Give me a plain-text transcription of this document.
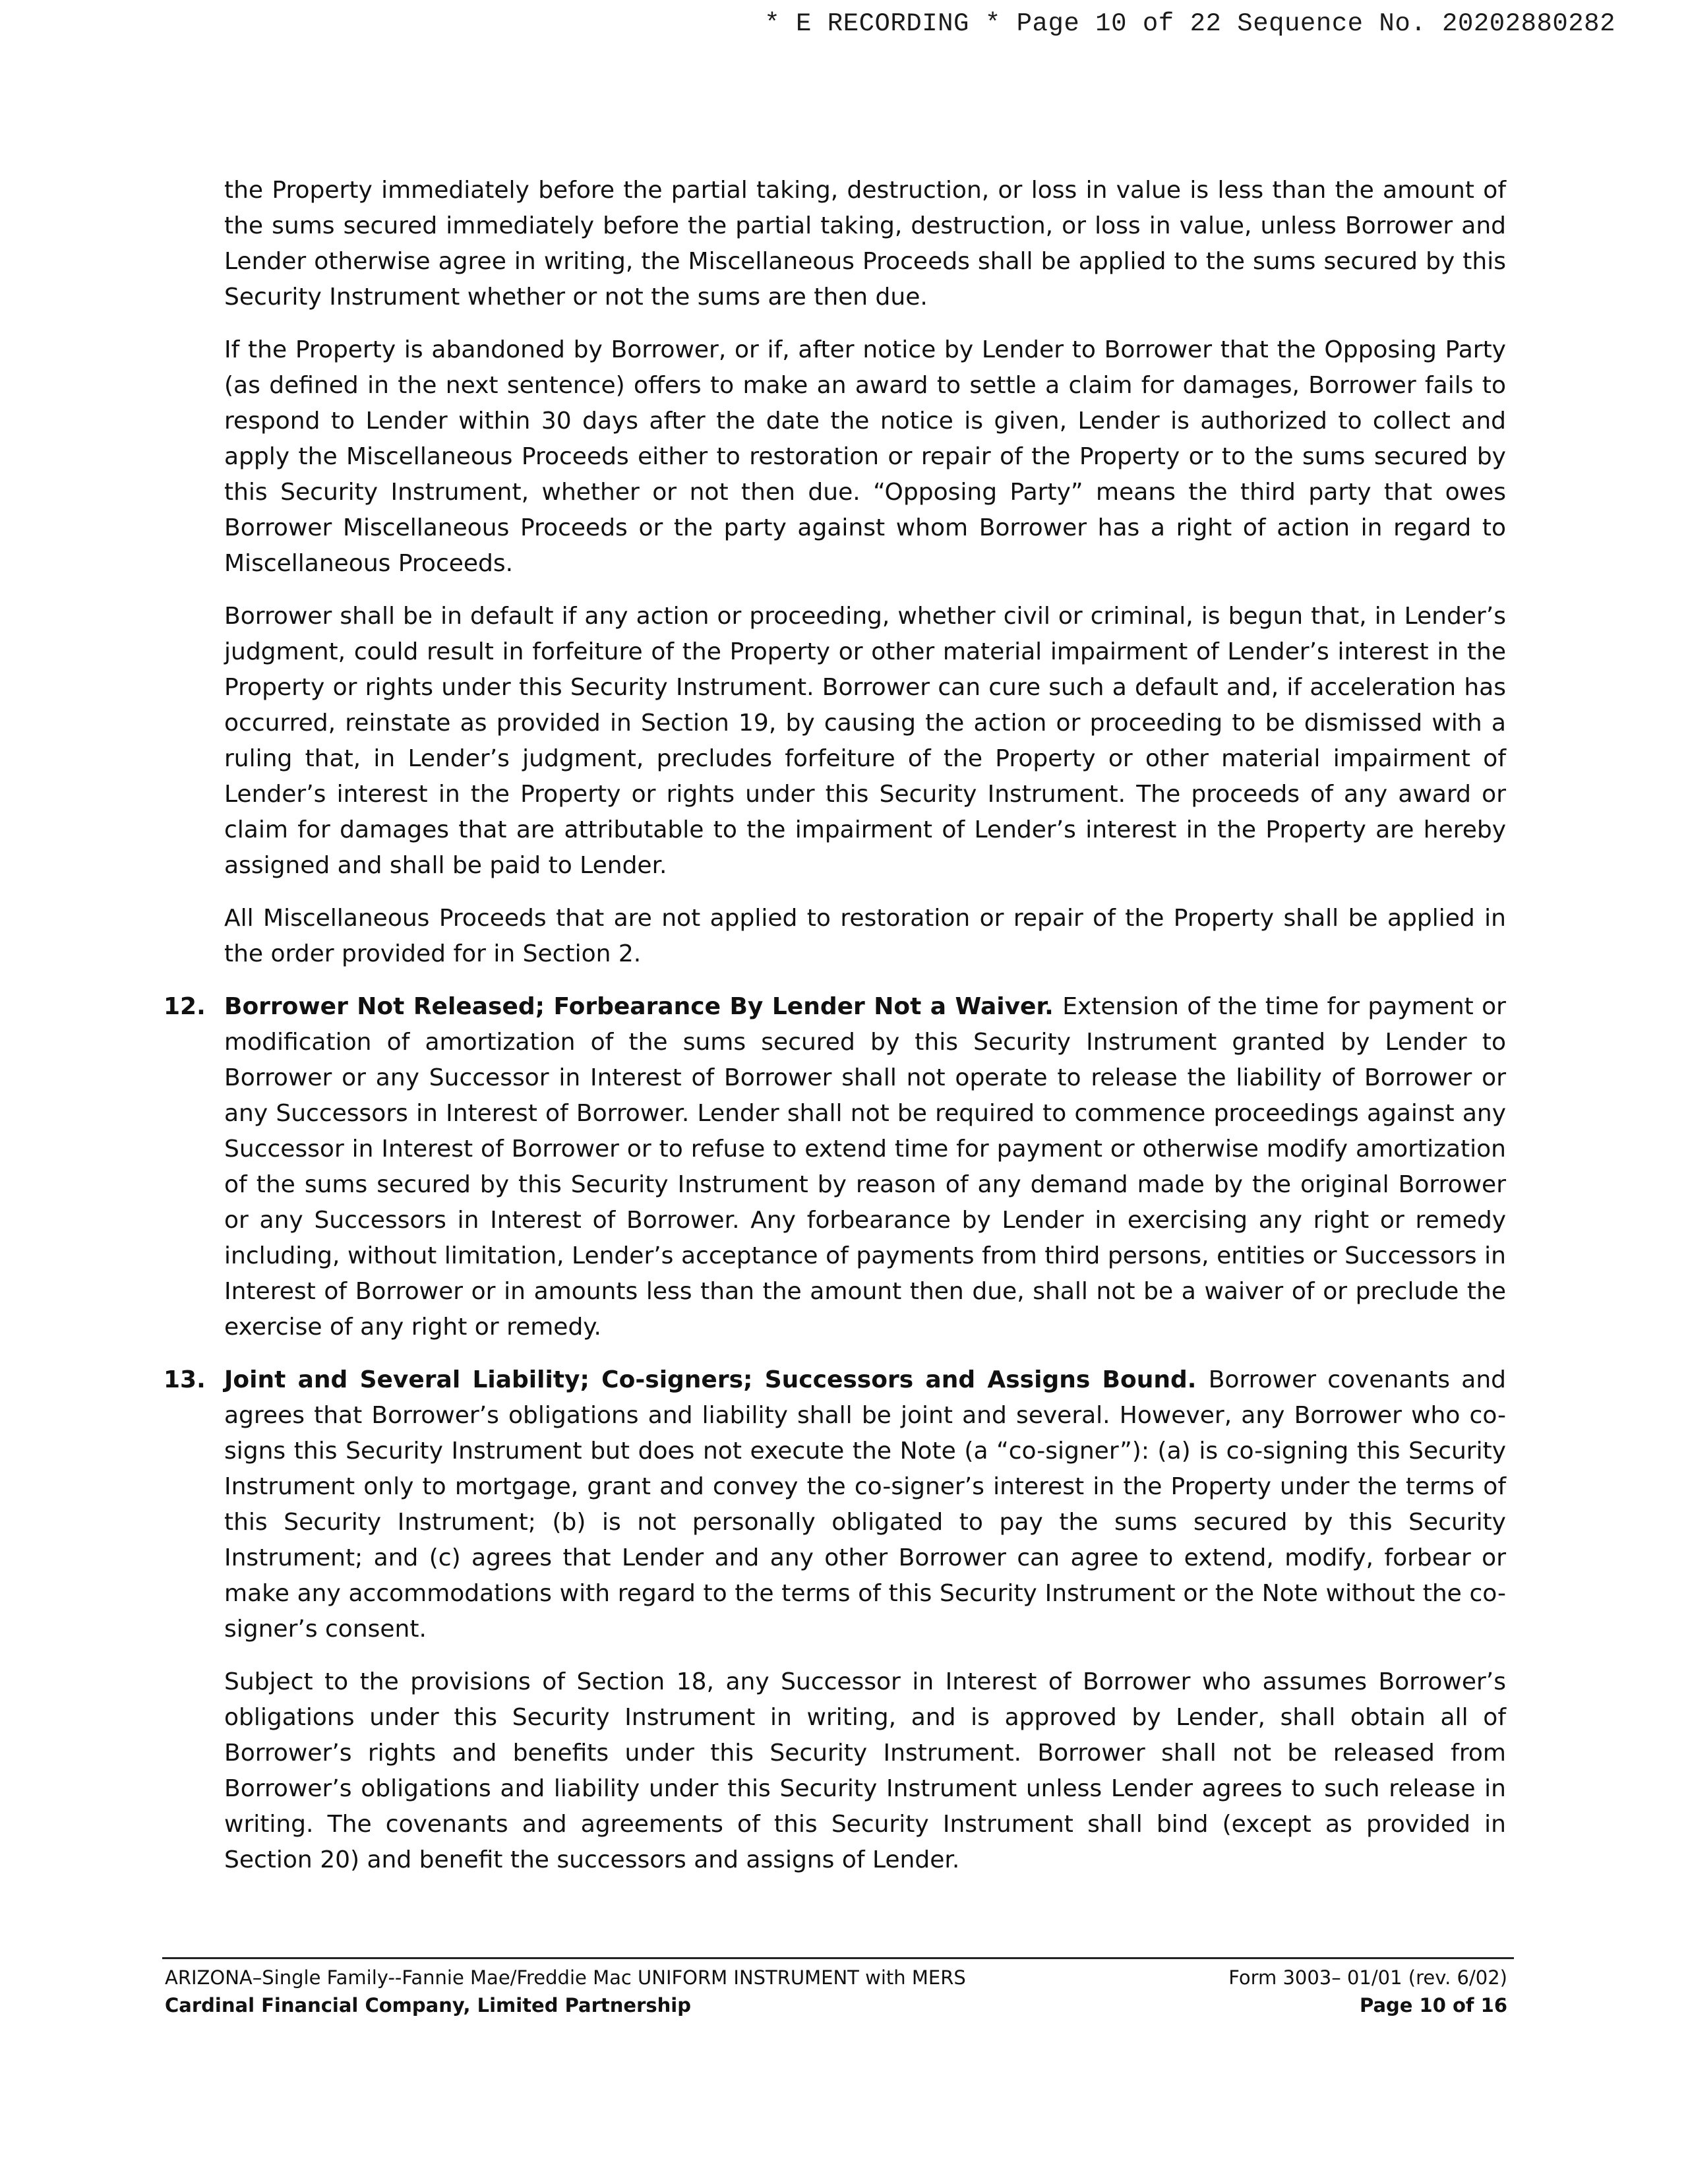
* E RECORDING * Page 10 of 22 Sequence No. 20202880282

the Property immediately before the partial taking, destruction, or loss in value is less than the amount of the sums secured immediately before the partial taking, destruction, or loss in value, unless Borrower and Lender otherwise agree in writing, the Miscellaneous Proceeds shall be applied to the sums secured by this Security Instrument whether or not the sums are then due.

If the Property is abandoned by Borrower, or if, after notice by Lender to Borrower that the Opposing Party (as defined in the next sentence) offers to make an award to settle a claim for damages, Borrower fails to respond to Lender within 30 days after the date the notice is given, Lender is authorized to collect and apply the Miscellaneous Proceeds either to restoration or repair of the Property or to the sums secured by this Security Instrument, whether or not then due. “Opposing Party” means the third party that owes Borrower Miscellaneous Proceeds or the party against whom Borrower has a right of action in regard to Miscellaneous Proceeds.

Borrower shall be in default if any action or proceeding, whether civil or criminal, is begun that, in Lender’s judgment, could result in forfeiture of the Property or other material impairment of Lender’s interest in the Property or rights under this Security Instrument. Borrower can cure such a default and, if acceleration has occurred, reinstate as provided in Section 19, by causing the action or proceeding to be dismissed with a ruling that, in Lender’s judgment, precludes forfeiture of the Property or other material impairment of Lender’s interest in the Property or rights under this Security Instrument. The proceeds of any award or claim for damages that are attributable to the impairment of Lender’s interest in the Property are hereby assigned and shall be paid to Lender.

All Miscellaneous Proceeds that are not applied to restoration or repair of the Property shall be applied in the order provided for in Section 2.

12. Borrower Not Released; Forbearance By Lender Not a Waiver. Extension of the time for payment or modification of amortization of the sums secured by this Security Instrument granted by Lender to Borrower or any Successor in Interest of Borrower shall not operate to release the liability of Borrower or any Successors in Interest of Borrower. Lender shall not be required to commence proceedings against any Successor in Interest of Borrower or to refuse to extend time for payment or otherwise modify amortization of the sums secured by this Security Instrument by reason of any demand made by the original Borrower or any Successors in Interest of Borrower. Any forbearance by Lender in exercising any right or remedy including, without limitation, Lender’s acceptance of payments from third persons, entities or Successors in Interest of Borrower or in amounts less than the amount then due, shall not be a waiver of or preclude the exercise of any right or remedy.
13. Joint and Several Liability; Co-signers; Successors and Assigns Bound. Borrower covenants and agrees that Borrower’s obligations and liability shall be joint and several. However, any Borrower who co-signs this Security Instrument but does not execute the Note (a “co-signer”): (a) is co-signing this Security Instrument only to mortgage, grant and convey the co-signer’s interest in the Property under the terms of this Security Instrument; (b) is not personally obligated to pay the sums secured by this Security Instrument; and (c) agrees that Lender and any other Borrower can agree to extend, modify, forbear or make any accommodations with regard to the terms of this Security Instrument or the Note without the co-signer’s consent.

Subject to the provisions of Section 18, any Successor in Interest of Borrower who assumes Borrower’s obligations under this Security Instrument in writing, and is approved by Lender, shall obtain all of Borrower’s rights and benefits under this Security Instrument. Borrower shall not be released from Borrower’s obligations and liability under this Security Instrument unless Lender agrees to such release in writing. The covenants and agreements of this Security Instrument shall bind (except as provided in Section 20) and benefit the successors and assigns of Lender.

ARIZONA–Single Family--Fannie Mae/Freddie Mac UNIFORM INSTRUMENT with MERS
Cardinal Financial Company, Limited Partnership
Form 3003– 01/01 (rev. 6/02)
Page 10 of 16
